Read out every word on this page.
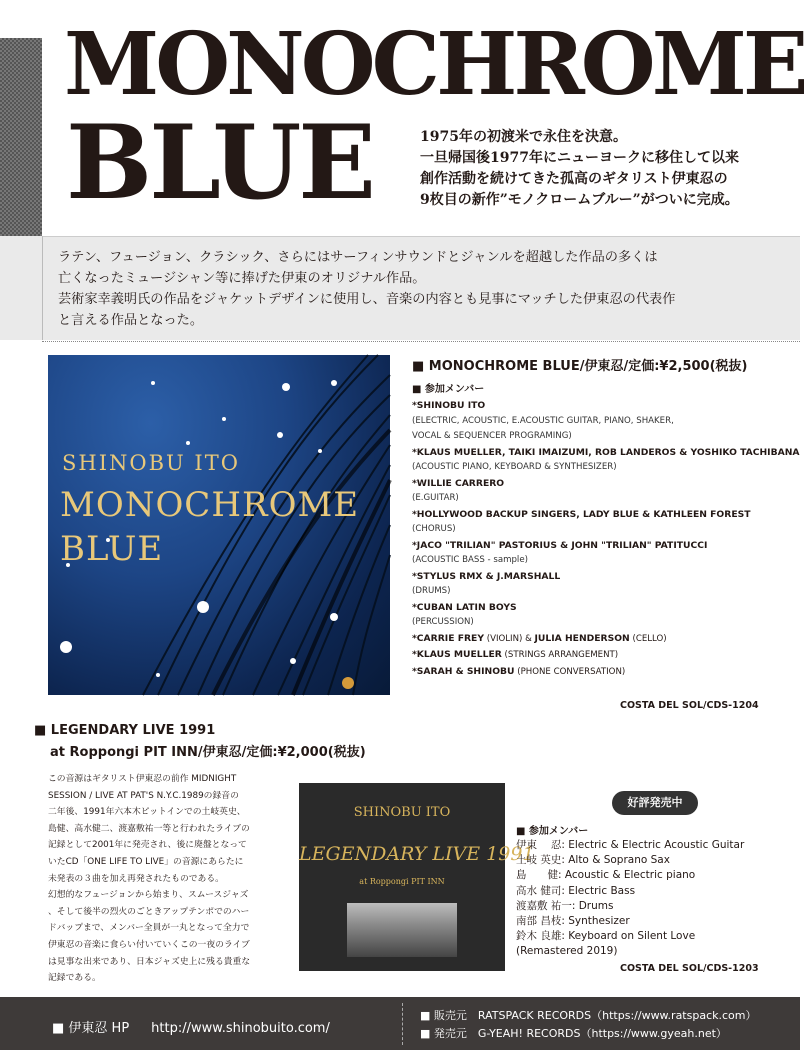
MONOCHROME
BLUE	1975年の初渡米で永住を決意。
一旦帰国後1977年にニューヨークに移住して以来
創作活動を続けてきた孤高のギタリスト伊東忍の
9枚目の新作”モノクロームブルー”がついに完成。
ラテン、フュージョン、クラシック、さらにはサーフィンサウンドとジャンルを超越した作品の多くは
亡くなったミュージシャン等に捧げた伊東のオリジナル作品。
芸術家幸義明氏の作品をジャケットデザインに使用し、音楽の内容とも見事にマッチした伊東忍の代表作
と言える作品となった。
SHINOBU ITO
MONOCHROME
BLUE
■ MONOCHROME BLUE/伊東忍/定価:¥2,500(税抜)
■ 参加メンバー
*SHINOBU ITO
(ELECTRIC, ACOUSTIC, E.ACOUSTIC GUITAR, PIANO, SHAKER,
VOCAL & SEQUENCER PROGRAMING)
*KLAUS MUELLER, TAIKI IMAIZUMI, ROB LANDEROS & YOSHIKO TACHIBANA
(ACOUSTIC PIANO, KEYBOARD & SYNTHESIZER)
*WILLIE CARRERO
(E.GUITAR)
*HOLLYWOOD BACKUP SINGERS, LADY BLUE & KATHLEEN FOREST
(CHORUS)
*JACO "TRILIAN" PASTORIUS & JOHN "TRILIAN" PATITUCCI
(ACOUSTIC BASS - sample)
*STYLUS RMX & J.MARSHALL
(DRUMS)
*CUBAN LATIN BOYS
(PERCUSSION)
*CARRIE FREY (VIOLIN) & JULIA HENDERSON (CELLO)
*KLAUS MUELLER (STRINGS ARRANGEMENT)
*SARAH & SHINOBU (PHONE CONVERSATION)
COSTA DEL SOL/CDS-1204
■ LEGENDARY LIVE 1991
at Roppongi PIT INN/伊東忍/定価:¥2,000(税抜)
この音源はギタリスト伊東忍の前作 MIDNIGHT
SESSION / LIVE AT PAT'S N.Y.C.1989の録音の
二年後、1991年六本木ピットインでの土岐英史、
島健、高水健二、渡嘉敷祐一等と行われたライブの
記録として2001年に発売され、後に廃盤となって
いたCD「ONE LIFE TO LIVE」の音源にあらたに
未発表の３曲を加え再発されたものである。
幻想的なフュージョンから始まり、スムースジャズ
、そして後半の烈火のごときアップテンポでのハー
ドバップまで、メンバー全員が一丸となって全力で
伊東忍の音楽に食らい付いていくこの一夜のライブ
は見事な出来であり、日本ジャズ史上に残る貴重な
記録である。
SHINOBU ITO
LEGENDARY LIVE 1991
at Roppongi PIT INN
好評発売中
■ 参加メンバー
伊東　 忍: Electric & Electric Acoustic Guitar
土岐 英史: Alto & Soprano Sax
島　　健: Acoustic & Electric piano
高水 健司: Electric Bass
渡嘉敷 祐一: Drums
南部 昌枝: Synthesizer
鈴木 良雄: Keyboard on Silent Love
(Remastered 2019)
COSTA DEL SOL/CDS-1203
■ 伊東忍 HP http://www.shinobuito.com/
■ 販売元　RATSPACK RECORDS（https://www.ratspack.com）
■ 発売元　G-YEAH! RECORDS（https://www.gyeah.net）
